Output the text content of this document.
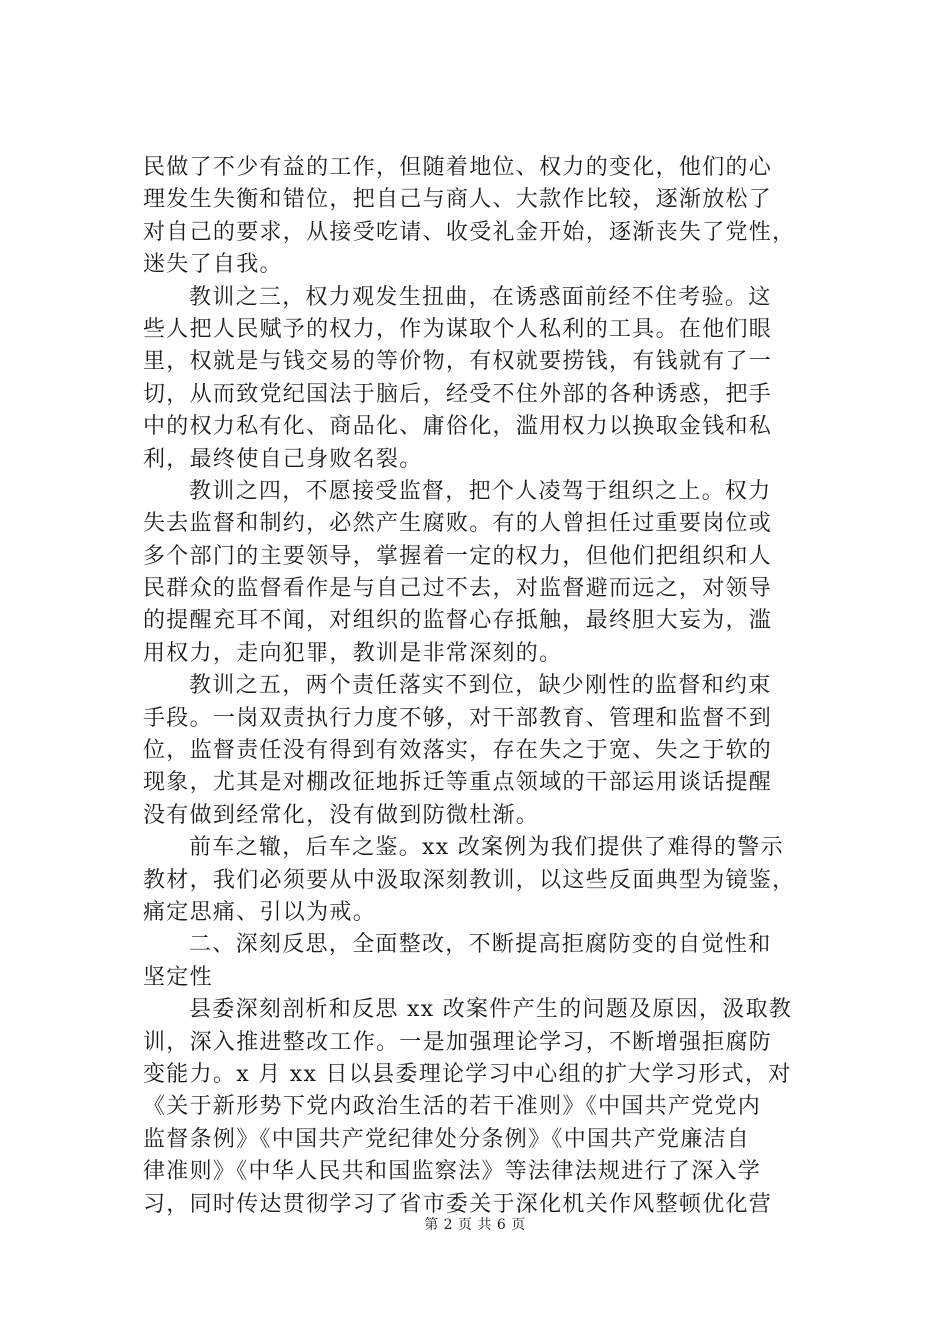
民做了不少有益的工作，但随着地位、权力的变化，他们的心
理发生失衡和错位，把自己与商人、大款作比较，逐渐放松了
对自己的要求，从接受吃请、收受礼金开始，逐渐丧失了党性，
迷失了自我。
教训之三，权力观发生扭曲，在诱惑面前经不住考验。这
些人把人民赋予的权力，作为谋取个人私利的工具。在他们眼
里，权就是与钱交易的等价物，有权就要捞钱，有钱就有了一
切，从而致党纪国法于脑后，经受不住外部的各种诱惑，把手
中的权力私有化、商品化、庸俗化，滥用权力以换取金钱和私
利，最终使自己身败名裂。
教训之四，不愿接受监督，把个人凌驾于组织之上。权力
失去监督和制约，必然产生腐败。有的人曾担任过重要岗位或
多个部门的主要领导，掌握着一定的权力，但他们把组织和人
民群众的监督看作是与自己过不去，对监督避而远之，对领导
的提醒充耳不闻，对组织的监督心存抵触，最终胆大妄为，滥
用权力，走向犯罪，教训是非常深刻的。
教训之五，两个责任落实不到位，缺少刚性的监督和约束
手段。一岗双责执行力度不够，对干部教育、管理和监督不到
位，监督责任没有得到有效落实，存在失之于宽、失之于软的
现象，尤其是对棚改征地拆迁等重点领域的干部运用谈话提醒
没有做到经常化，没有做到防微杜渐。
前车之辙，后车之鉴。xx 改案例为我们提供了难得的警示
教材，我们必须要从中汲取深刻教训，以这些反面典型为镜鉴，
痛定思痛、引以为戒。
二、深刻反思，全面整改，不断提高拒腐防变的自觉性和
坚定性
县委深刻剖析和反思 xx 改案件产生的问题及原因，汲取教
训，深入推进整改工作。一是加强理论学习，不断增强拒腐防
变能力。x 月 xx 日以县委理论学习中心组的扩大学习形式，对
《关于新形势下党内政治生活的若干准则》《中国共产党党内
监督条例》《中国共产党纪律处分条例》《中国共产党廉洁自
律准则》《中华人民共和国监察法》等法律法规进行了深入学
习，同时传达贯彻学习了省市委关于深化机关作风整顿优化营
第 2 页 共 6 页
